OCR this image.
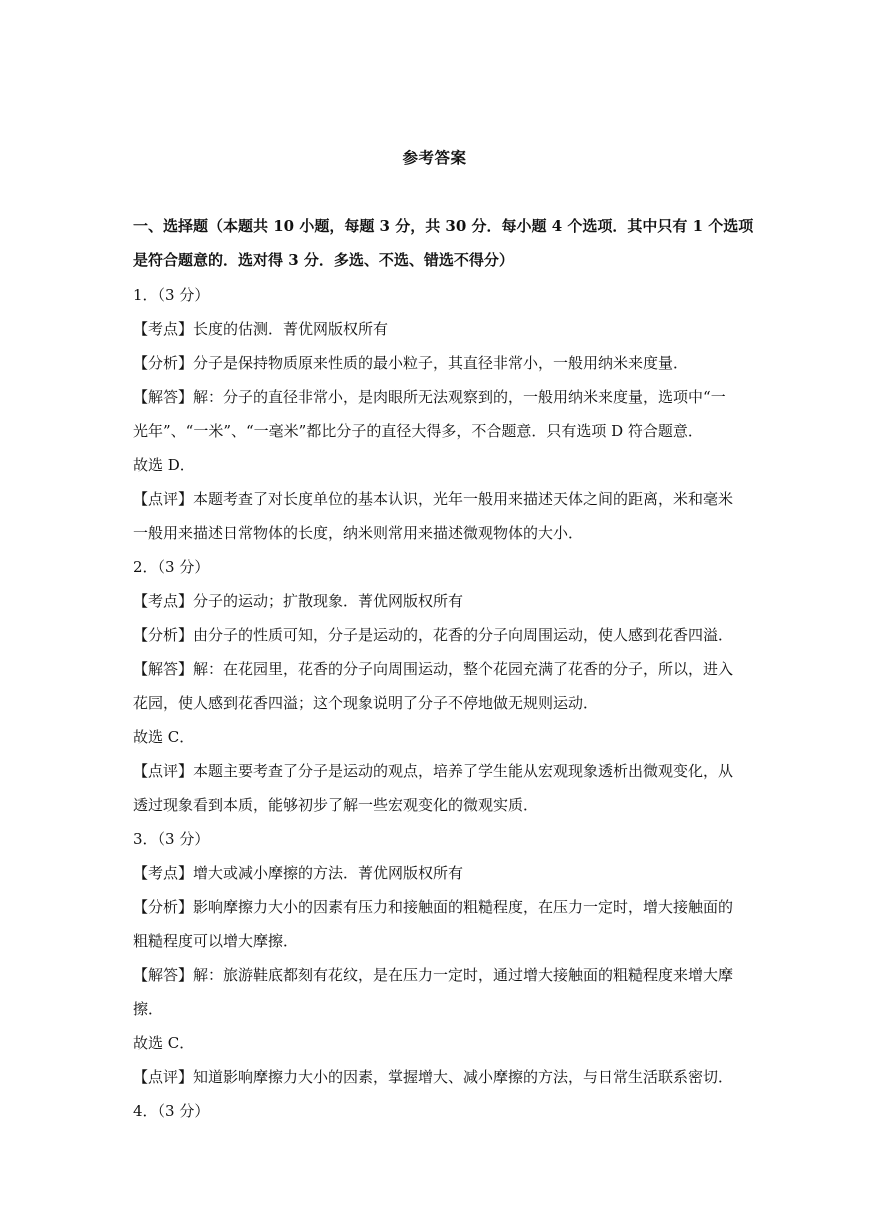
参考答案
一、选择题（本题共 10 小题，每题 3 分，共 30 分．每小题 4 个选项．其中只有 1 个选项
是符合题意的．选对得 3 分．多选、不选、错选不得分）
1．（3 分）
【考点】长度的估测．菁优网版权所有
【分析】分子是保持物质原来性质的最小粒子，其直径非常小，一般用纳米来度量．
【解答】解：分子的直径非常小，是肉眼所无法观察到的，一般用纳米来度量，选项中“一
光年”、“一米”、“一毫米”都比分子的直径大得多，不合题意．只有选项 D 符合题意．
故选 D．
【点评】本题考查了对长度单位的基本认识，光年一般用来描述天体之间的距离，米和毫米
一般用来描述日常物体的长度，纳米则常用来描述微观物体的大小．
2．（3 分）
【考点】分子的运动；扩散现象．菁优网版权所有
【分析】由分子的性质可知，分子是运动的，花香的分子向周围运动，使人感到花香四溢．
【解答】解：在花园里，花香的分子向周围运动，整个花园充满了花香的分子，所以，进入
花园，使人感到花香四溢；这个现象说明了分子不停地做无规则运动．
故选 C．
【点评】本题主要考查了分子是运动的观点，培养了学生能从宏观现象透析出微观变化，从
透过现象看到本质，能够初步了解一些宏观变化的微观实质．
3．（3 分）
【考点】增大或减小摩擦的方法．菁优网版权所有
【分析】影响摩擦力大小的因素有压力和接触面的粗糙程度，在压力一定时，增大接触面的
粗糙程度可以增大摩擦．
【解答】解：旅游鞋底都刻有花纹，是在压力一定时，通过增大接触面的粗糙程度来增大摩
擦．
故选 C．
【点评】知道影响摩擦力大小的因素，掌握增大、减小摩擦的方法，与日常生活联系密切．
4．（3 分）
